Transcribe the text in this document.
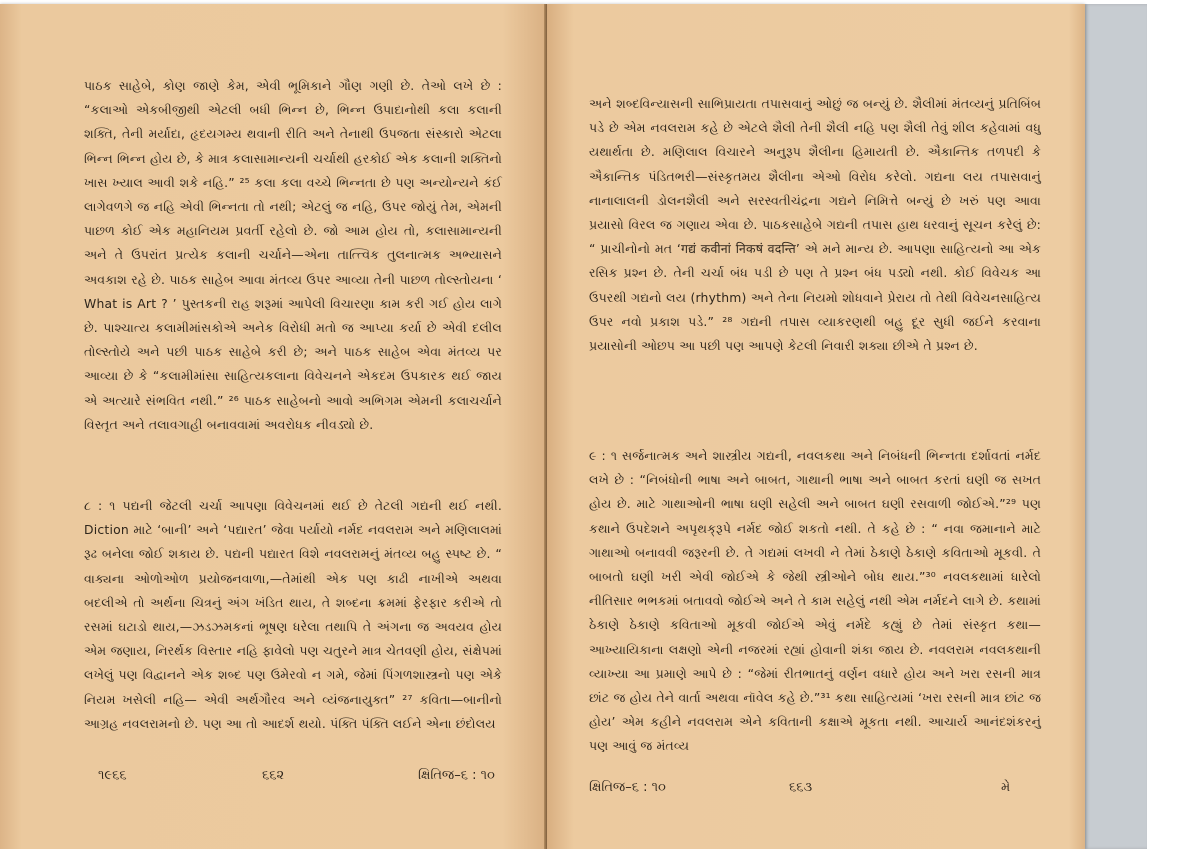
પાઠક સાહેબે, કોણ જાણે કેમ, એવી ભૂમિકાને ગૌણ ગણી છે. તેઓ લખે છે : “કલાઓ એકબીજીથી એટલી બધી ભિન્ન છે, ભિન્ન ઉપાદાનોથી કલા કલાની શક્તિ, તેની મર્યાદા, હૃદયગમ્ય થવાની રીતિ અને તેનાથી ઉપજતા સંસ્કારો એટલા ભિન્ન ભિન્ન હોય છે, કે માત્ર કલાસામાન્યની ચર્ચાથી હરકોઈ એક કલાની શક્તિનો ખાસ ખ્યાલ આવી શકે નહિ.” ²⁵ કલા કલા વચ્ચે ભિન્નતા છે પણ અન્યોન્યને કંઈ લાગેવળગે જ નહિ એવી ભિન્નતા તો નથી; એટલું જ નહિ, ઉપર જોયું તેમ, એમની પાછળ કોઈ એક મહાનિયમ પ્રવર્તી રહેલો છે. જો આમ હોય તો, કલાસામાન્યની અને તે ઉપરાંત પ્રત્યેક કલાની ચર્ચાને—એના તાત્ત્વિક તુલનાત્મક અભ્યાસને અવકાશ રહે છે. પાઠક સાહેબ આવા મંતવ્ય ઉપર આવ્યા તેની પાછળ તોલ્સ્તોયના ‘ What is Art ? ’ પુસ્તકની રાહ શરૂમાં આપેલી વિચારણા કામ કરી ગઈ હોય લાગે છે. પાશ્ચાત્ય કલામીમાંસકોએ અનેક વિરોધી મતો જ આપ્યા કર્યા છે એવી દલીલ તોલ્સ્તોયે અને પછી પાઠક સાહેબે કરી છે; અને પાઠક સાહેબ એવા મંતવ્ય પર આવ્યા છે કે “કલામીમાંસા સાહિત્યકલાના વિવેચનને એકદમ ઉપકારક થઈ જાય એ અત્યારે સંભવિત નથી.” ²⁶ પાઠક સાહેબનો આવો અભિગમ એમની કલાચર્ચાને વિસ્તૃત અને તલાવગાહી બનાવવામાં અવરોધક નીવડ્યો છે.

૮ : ૧ પદ્યની જેટલી ચર્ચા આપણા વિવેચનમાં થઈ છે તેટલી ગદ્યની થઈ નથી. Diction માટે ‘બાની’ અને ‘પદ્યારત’ જેવા પર્યાયો નર્મદ નવલરામ અને મણિલાલમાં રૂઢ બનેલા જોઈ શકાય છે. પદ્યની પદ્યારત વિશે નવલરામનું મંતવ્ય બહુ સ્પષ્ટ છે. “ વાક્યના ઓળોઓળ પ્રયોજનવાળા,—તેમાંથી એક પણ કાઢી નાખીએ અથવા બદલીએ તો અર્થના ચિત્રનું અંગ ખંડિત થાય, તે શબ્દના ક્રમમાં ફેરફાર કરીએ તો રસમાં ઘટાડો થાય,—ઝડઝમકનાં ભૂષણ ધરેલા તથાપિ તે અંગના જ અવયવ હોય એમ જણાય, નિરર્થક વિસ્તાર નહિ ફાવેલો પણ ચતુરને માત્ર ચેતવણી હોય, સંક્ષેપમાં લખેલું પણ વિદ્વાનને એક શબ્દ પણ ઉમેરવો ન ગમે, જેમાં પિંગળશાસ્ત્રનો પણ એકે નિયમ ખસેલી નહિ— એવી અર્થગૌરવ અને વ્યંજનાયુક્ત” ²⁷ કવિતા—બાનીનો આગ્રહ નવલરામનો છે. પણ આ તો આદર્શ થયો. પંક્તિ પંક્તિ લઈને એના છંદોલય

૧૯૬૬	૬૬૨	ક્ષિતિજ–૬ : ૧૦

અને શબ્દવિન્યાસની સાભિપ્રાયતા તપાસવાનું ઓછું જ બન્યું છે. શૈલીમાં મંતવ્યનું પ્રતિબિંબ પડે છે એમ નવલરામ કહે છે એટલે શૈલી તેની શૈલી નહિ પણ શૈલી તેવું શીલ કહેવામાં વધુ યથાર્થતા છે. મણિલાલ વિચારને અનુરૂપ શૈલીના હિમાયતી છે. ઐકાન્તિક તળપદી કે ઐકાન્તિક પંડિતભરી—સંસ્કૃતમય શૈલીના એઓ વિરોધ કરેલો. ગદ્યના લય તપાસવાનું નાનાલાલની ડોલનશૈલી અને સરસ્વતીચંદ્રના ગદ્યને નિમિત્તે બન્યું છે ખરું પણ આવા પ્રયાસો વિરલ જ ગણાય એવા છે. પાઠકસાહેબે ગદ્યની તપાસ હાથ ધરવાનું સૂચન કરેલું છે: “ પ્રાચીનોનો મત ‘गद्यं कवीनां निकषं वदन्ति’ એ મને માન્ય છે. આપણા સાહિત્યનો આ એક રસિક પ્રશ્ન છે. તેની ચર્ચા બંધ પડી છે પણ તે પ્રશ્ન બંધ પડ્યો નથી. કોઈ વિવેચક આ ઉપરથી ગદ્યનો લય (rhythm) અને તેના નિયમો શોધવાને પ્રેરાય તો તેથી વિવેચનસાહિત્ય ઉપર નવો પ્રકાશ પડે.” ²⁸ ગદ્યની તપાસ વ્યાકરણથી બહુ દૂર સુધી જઈને કરવાના પ્રયાસોની ઓછપ આ પછી પણ આપણે કેટલી નિવારી શક્યા છીએ તે પ્રશ્ન છે.

૯ : ૧ સર્જનાત્મક અને શાસ્ત્રીય ગદ્યની, નવલકથા અને નિબંધની ભિન્નતા દર્શાવતાં નર્મદ લખે છે : “નિબંધોની ભાષા અને બાબત, ગાથાની ભાષા અને બાબત કરતાં ઘણી જ સખત હોય છે. માટે ગાથાઓની ભાષા ઘણી સહેલી અને બાબત ઘણી રસવાળી જોઈએ.”²⁹ પણ કથાને ઉપદેશને અપૃથક્‌રૂપે નર્મદ જોઈ શકતો નથી. તે કહે છે : “ નવા જમાનાને માટે ગાથાઓ બનાવવી જરૂરની છે. તે ગદ્યમાં લખવી ને તેમાં ઠેકાણે ઠેકાણે કવિતાઓ મૂકવી. તે બાબતો ઘણી ખરી એવી જોઈએ કે જેથી સ્ત્રીઓને બોધ થાય.”³⁰ નવલકથામાં ધારેલો નીતિસાર ભભકમાં બતાવવો જોઈએ અને તે કામ સહેલું નથી એમ નર્મદને લાગે છે. કથામાં ઠેકાણે ઠેકાણે કવિતાઓ મૂકવી જોઈએ એવું નર્મદે કહ્યું છે તેમાં સંસ્કૃત કથા—આખ્યાયિકાના લક્ષણો એની નજરમાં રહ્યાં હોવાની શંકા જાય છે. નવલરામ નવલકથાની વ્યાખ્યા આ પ્રમાણે આપે છે : “જેમાં રીતભાતનું વર્ણન વધારે હોય અને ખરા રસની માત્ર છાંટ જ હોય તેને વાર્તા અથવા નૉવેલ કહે છે.”³¹ કથા સાહિત્યમાં ‘ખરા રસની માત્ર છાંટ જ હોય’ એમ કહીને નવલરામ એને કવિતાની કક્ષાએ મૂકતા નથી. આચાર્ય આનંદશંકરનું પણ આવું જ મંતવ્ય

ક્ષિતિજ–૬ : ૧૦	૬૬૩	મે
